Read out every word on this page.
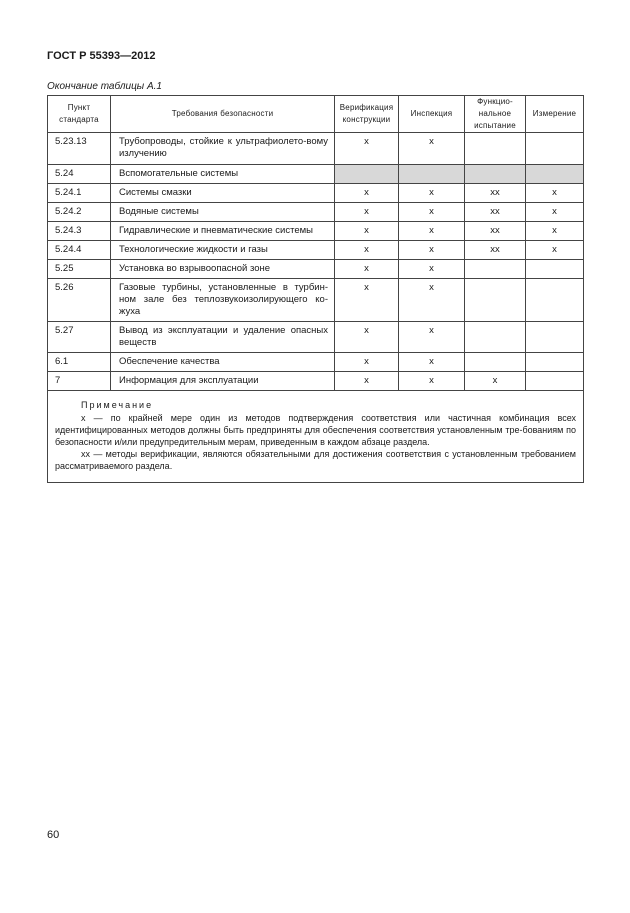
ГОСТ Р 55393—2012
Окончание таблицы А.1
Пункт стандарта	Требования безопасности	Верификация конструкции	Инспекция	Функцио-нальное испытание	Измерение
5.23.13	Трубопроводы, стойкие к ультрафиолето-вому излучению	х	х		
5.24	Вспомогательные системы				
5.24.1	Системы смазки	х	х	хх	х
5.24.2	Водяные системы	х	х	хх	х
5.24.3	Гидравлические и пневматические системы	х	х	хх	х
5.24.4	Технологические жидкости и газы	х	х	хх	х
5.25	Установка во взрывоопасной зоне	х	х		
5.26	Газовые турбины, установленные в турбин-ном зале без теплозвукоизолирующего ко-жуха	х	х		
5.27	Вывод из эксплуатации и удаление опасных веществ	х	х		
6.1	Обеспечение качества	х	х		
7	Информация для эксплуатации	х	х	х	

Примечание
х — по крайней мере один из методов подтверждения соответствия или частичная комбинация всех идентифицированных методов должны быть предприняты для обеспечения соответствия установленным тре-бованиям по безопасности и/или предупредительным мерам, приведенным в каждом абзаце раздела.
хх — методы верификации, являются обязательными для достижения соответствия с установленным требованием рассматриваемого раздела.					
60
